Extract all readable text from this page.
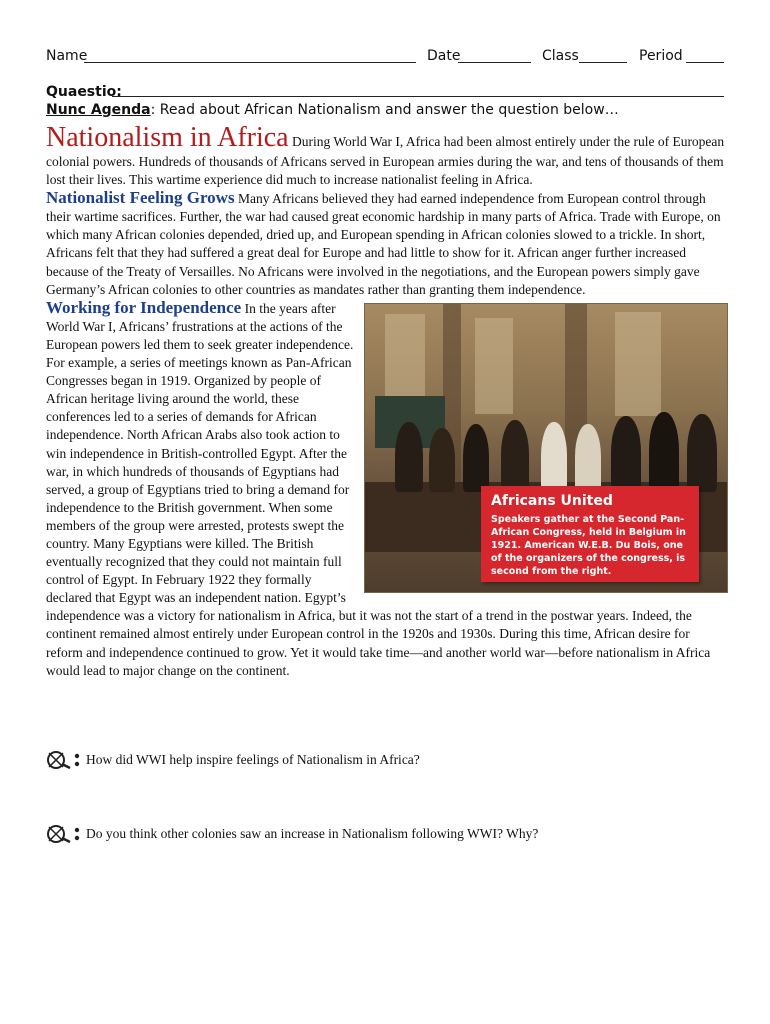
Name	Date	Class	Period
Quaestio:
Nunc Agenda: Read about African Nationalism and answer the question below…
Nationalism in Africa During World War I, Africa had been almost entirely under the rule of European colonial powers. Hundreds of thousands of Africans served in European armies during the war, and tens of thousands of them lost their lives. This wartime experience did much to increase nationalist feeling in Africa.
Nationalist Feeling Grows Many Africans believed they had earned independence from European control through their wartime sacrifices. Further, the war had caused great economic hardship in many parts of Africa. Trade with Europe, on which many African colonies depended, dried up, and European spending in African colonies slowed to a trickle. In short, Africans felt that they had suffered a great deal for Europe and had little to show for it. African anger further increased because of the Treaty of Versailles. No Africans were involved in the negotiations, and the European powers simply gave Germany’s African colonies to other countries as mandates rather than granting them independence.
Africans United
Speakers gather at the Second Pan-African Congress, held in Belgium in 1921. American W.E.B. Du Bois, one of the organizers of the congress, is second from the right.

Working for Independence In the years after World War I, Africans’ frustrations at the actions of the European powers led them to seek greater independence. For example, a series of meetings known as Pan-African Congresses began in 1919. Organized by people of African heritage living around the world, these conferences led to a series of demands for African independence. North African Arabs also took action to win independence in British-controlled Egypt. After the war, in which hundreds of thousands of Egyptians had served, a group of Egyptians tried to bring a demand for independence to the British government. When some members of the group were arrested, protests swept the country. Many Egyptians were killed. The British eventually recognized that they could not maintain full control of Egypt. In February 1922 they formally declared that Egypt was an independent nation. Egypt’s independence was a victory for nationalism in Africa, but it was not the start of a trend in the postwar years. Indeed, the continent remained almost entirely under European control in the 1920s and 1930s. During this time, African desire for reform and independence continued to grow. Yet it would take time—and another world war—before nationalism in Africa would lead to major change on the continent.
How did WWI help inspire feelings of Nationalism in Africa?
Do you think other colonies saw an increase in Nationalism following WWI? Why?
